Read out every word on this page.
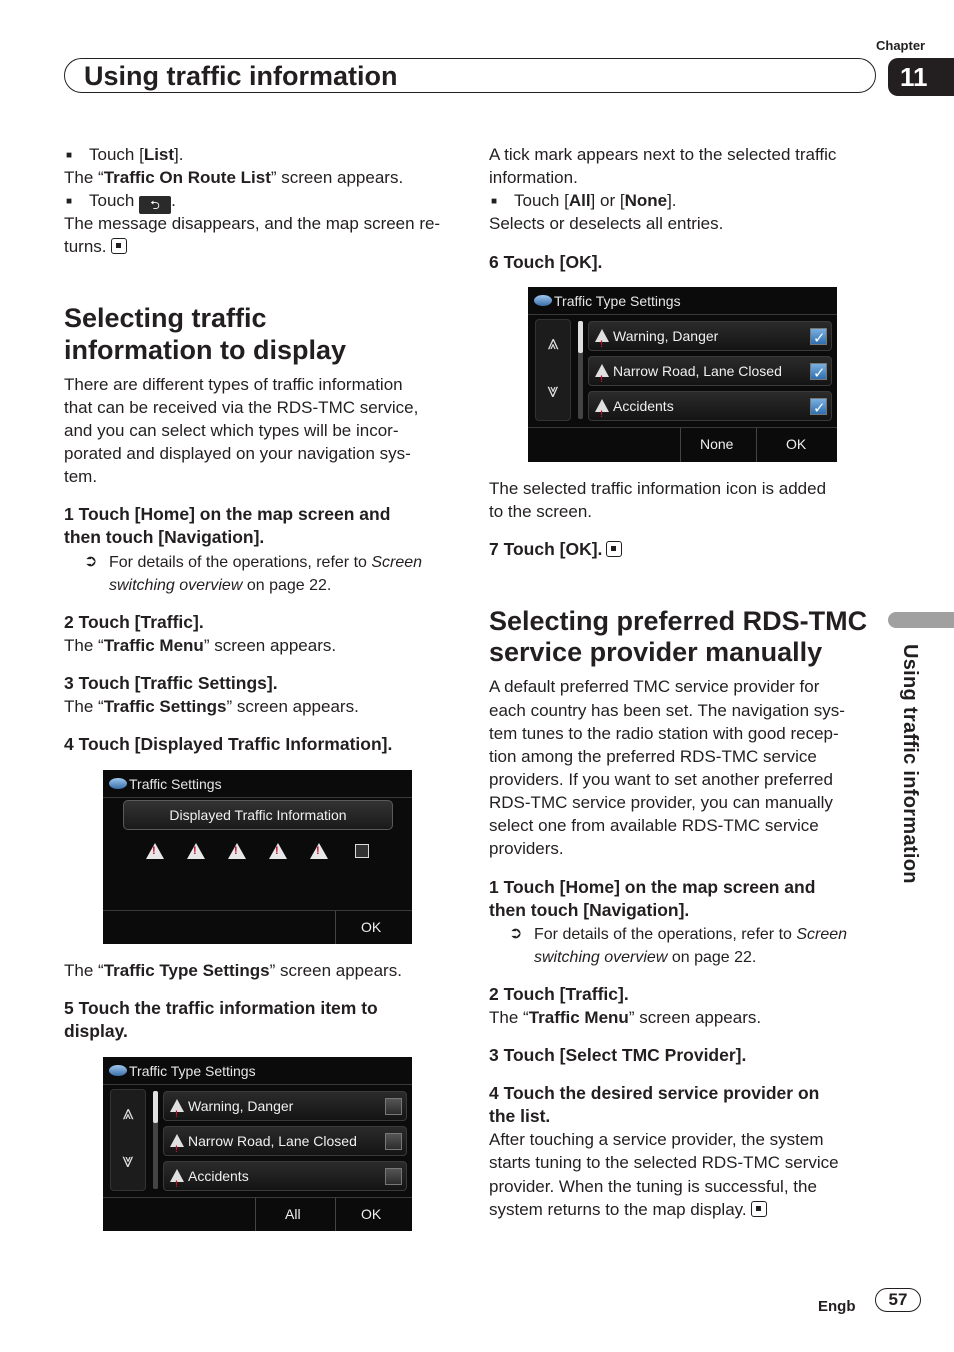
Chapter
11
Using traffic information
Using traffic information
■ Touch [List].
The “Traffic On Route List” screen appears.
■ Touch ⮌ .
The message disappears, and the map screen re-
turns.
Selecting traffic
information to display
There are different types of traffic information
that can be received via the RDS-TMC service,
and you can select which types will be incor-
porated and displayed on your navigation sys-
tem.
1 Touch [Home] on the map screen and
then touch [Navigation].
➲ For details of the operations, refer to Screen
switching overview on page 22.
2 Touch [Traffic].
The “Traffic Menu” screen appears.
3 Touch [Traffic Settings].
The “Traffic Settings” screen appears.
4 Touch [Displayed Traffic Information].
Traffic Settings
Displayed Traffic Information
!
!
!
!
!
OK
The “Traffic Type Settings” screen appears.
5 Touch the traffic information item to
display.
Traffic Type Settings
⩓
⩔
!Warning, Danger
!Narrow Road, Lane Closed
!Accidents
All	OK
A tick mark appears next to the selected traffic
information.
■ Touch [All] or [None].
Selects or deselects all entries.
6 Touch [OK].
Traffic Type Settings
⩓
⩔
!Warning, Danger
✓
!Narrow Road, Lane Closed
✓
!Accidents
✓
None	OK
The selected traffic information icon is added
to the screen.
7 Touch [OK].
Selecting preferred RDS-TMC
service provider manually
A default preferred TMC service provider for
each country has been set. The navigation sys-
tem tunes to the radio station with good recep-
tion among the preferred RDS-TMC service
providers. If you want to set another preferred
RDS-TMC service provider, you can manually
select one from available RDS-TMC service
providers.
1 Touch [Home] on the map screen and
then touch [Navigation].
➲ For details of the operations, refer to Screen
switching overview on page 22.
2 Touch [Traffic].
The “Traffic Menu” screen appears.
3 Touch [Select TMC Provider].
4 Touch the desired service provider on
the list.
After touching a service provider, the system
starts tuning to the selected RDS-TMC service
provider. When the tuning is successful, the
system returns to the map display.
Engb	57
